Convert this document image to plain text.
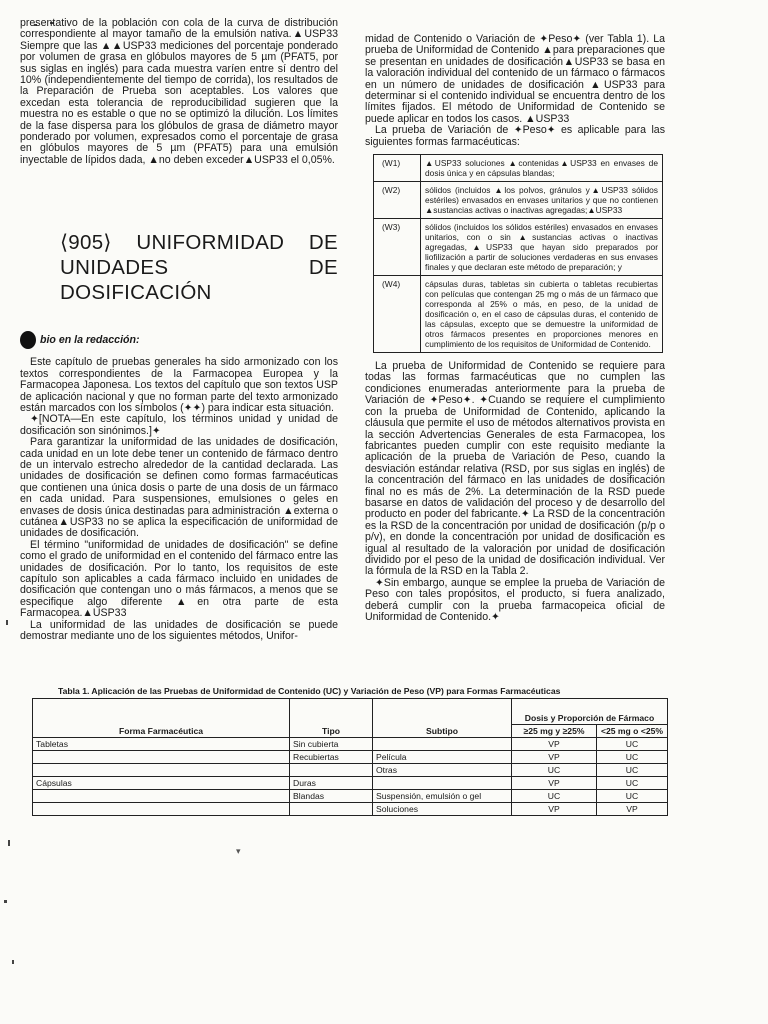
presentativo de la población con cola de la curva de distribución correspondiente al mayor tamaño de la emulsión nativa.▲USP33 Siempre que las ▲▲USP33 mediciones del porcentaje ponderado por volumen de grasa en glóbulos mayores de 5 µm (PFAT5, por sus siglas en inglés) para cada muestra varíen entre sí dentro del 10% (independientemente del tiempo de corrida), los resultados de la Preparación de Prueba son aceptables. Los valores que excedan esta tolerancia de reproducibilidad sugieren que la muestra no es estable o que no se optimizó la dilución. Los límites de la fase dispersa para los glóbulos de grasa de diámetro mayor ponderado por volumen, expresados como el porcentaje de grasa en glóbulos mayores de 5 µm (PFAT5) para una emulsión inyectable de lípidos dada, ▲no deben exceder▲USP33 el 0,05%.

⟨905⟩ UNIFORMIDAD DE UNIDADES DE DOSIFICACIÓN
bio en la redacción:

Este capítulo de pruebas generales ha sido armonizado con los textos correspondientes de la Farmacopea Europea y la Farmacopea Japonesa. Los textos del capítulo que son textos USP de aplicación nacional y que no forman parte del texto armonizado están marcados con los símbolos (✦✦) para indicar esta situación.

✦[NOTA—En este capítulo, los términos unidad y unidad de dosificación son sinónimos.]✦

Para garantizar la uniformidad de las unidades de dosificación, cada unidad en un lote debe tener un contenido de fármaco dentro de un intervalo estrecho alrededor de la cantidad declarada. Las unidades de dosificación se definen como formas farmacéuticas que contienen una única dosis o parte de una dosis de un fármaco en cada unidad. Para suspensiones, emulsiones o geles en envases de dosis única destinadas para administración ▲externa o cutánea▲USP33 no se aplica la especificación de uniformidad de unidades de dosificación.

El término "uniformidad de unidades de dosificación" se define como el grado de uniformidad en el contenido del fármaco entre las unidades de dosificación. Por lo tanto, los requisitos de este capítulo son aplicables a cada fármaco incluido en unidades de dosificación que contengan uno o más fármacos, a menos que se especifique algo diferente ▲en otra parte de esta Farmacopea.▲USP33

La uniformidad de las unidades de dosificación se puede demostrar mediante uno de los siguientes métodos, Unifor-

midad de Contenido o Variación de ✦Peso✦ (ver Tabla 1). La prueba de Uniformidad de Contenido ▲para preparaciones que se presentan en unidades de dosificación▲USP33 se basa en la valoración individual del contenido de un fármaco o fármacos en un número de unidades de dosificación ▲USP33 para determinar si el contenido individual se encuentra dentro de los límites fijados. El método de Uniformidad de Contenido se puede aplicar en todos los casos. ▲USP33

La prueba de Variación de ✦Peso✦ es aplicable para las siguientes formas farmacéuticas:

(W1)	▲USP33 soluciones ▲contenidas▲USP33 en envases de dosis única y en cápsulas blandas;
(W2)	sólidos (incluidos ▲los polvos, gránulos y▲USP33 sólidos estériles) envasados en envases unitarios y que no contienen ▲sustancias activas o inactivas agregadas;▲USP33
(W3)	sólidos (incluidos los sólidos estériles) envasados en envases unitarios, con o sin ▲sustancias activas o inactivas agregadas,▲USP33 que hayan sido preparados por liofilización a partir de soluciones verdaderas en sus envases finales y que declaran este método de preparación; y
(W4)	cápsulas duras, tabletas sin cubierta o tabletas recubiertas con películas que contengan 25 mg o más de un fármaco que corresponda al 25% o más, en peso, de la unidad de dosificación o, en el caso de cápsulas duras, el contenido de las cápsulas, excepto que se demuestre la uniformidad de otros fármacos presentes en proporciones menores en cumplimiento de los requisitos de Uniformidad de Contenido.

La prueba de Uniformidad de Contenido se requiere para todas las formas farmacéuticas que no cumplen las condiciones enumeradas anteriormente para la prueba de Variación de ✦Peso✦. ✦Cuando se requiere el cumplimiento con la prueba de Uniformidad de Contenido, aplicando la cláusula que permite el uso de métodos alternativos provista en la sección Advertencias Generales de esta Farmacopea, los fabricantes pueden cumplir con este requisito mediante la aplicación de la prueba de Variación de Peso, cuando la desviación estándar relativa (RSD, por sus siglas en inglés) de la concentración del fármaco en las unidades de dosificación final no es más de 2%. La determinación de la RSD puede basarse en datos de validación del proceso y de desarrollo del producto en poder del fabricante.✦ La RSD de la concentración es la RSD de la concentración por unidad de dosificación (p/p o p/v), en donde la concentración por unidad de dosificación es igual al resultado de la valoración por unidad de dosificación dividido por el peso de la unidad de dosificación individual. Ver la fórmula de la RSD en la Tabla 2.

✦Sin embargo, aunque se emplee la prueba de Variación de Peso con tales propósitos, el producto, si fuera analizado, deberá cumplir con la prueba farmacopeica oficial de Uniformidad de Contenido.✦

Tabla 1. Aplicación de las Pruebas de Uniformidad de Contenido (UC) y Variación de Peso (VP) para Formas Farmacéuticas
Forma Farmacéutica	Tipo	Subtipo	Dosis y Proporción de Fármaco	
			≥25 mg y ≥25%	<25 mg o <25%
Tabletas	Sin cubierta		VP	UC
	Recubiertas	Película	VP	UC
		Otras	UC	UC
Cápsulas	Duras		VP	UC
	Blandas	Suspensión, emulsión o gel	UC	UC
		Soluciones	VP	VP
▾
